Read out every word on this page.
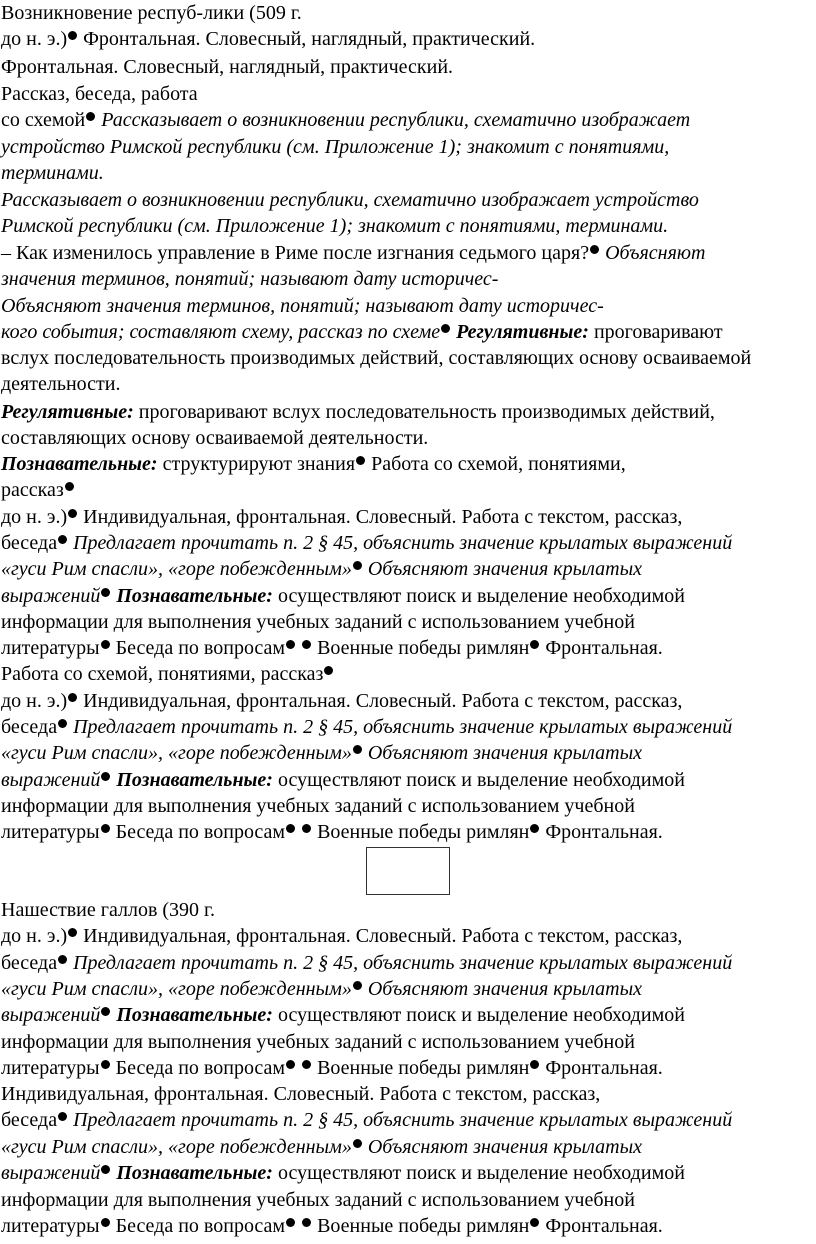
Возникновение респуб-лики (509 г.
до н. э.) Фронтальная. Словесный, наглядный, практический.
Фронтальная. Словесный, наглядный, практический.
Рассказ, беседа, работа
со схемой Рассказывает о возникновении республики, схематично изображает
устройство Римской республики (см. Приложение 1); знакомит с понятиями,
терминами.
Рассказывает о возникновении республики, схематично изображает устройство
Римской республики (см. Приложение 1); знакомит с понятиями, терминами.
– Как изменилось управление в Риме после изгнания седьмого царя? Объясняют
значения терминов, понятий; называют дату историчес-
Объясняют значения терминов, понятий; называют дату историчес-
кого события; составляют схему, рассказ по схеме Регулятивные: проговаривают
вслух последовательность производимых действий, составляющих основу осваиваемой
деятельности.
Регулятивные: проговаривают вслух последовательность производимых действий,
составляющих основу осваиваемой деятельности.
Познавательные: структурируют знания Работа со схемой, понятиями,
рассказ
до н. э.) Индивидуальная, фронтальная. Словесный. Работа с текстом, рассказ,
беседа Предлагает прочитать п. 2 § 45, объяснить значение крылатых выражений
«гуси Рим спасли», «горе побежденным» Объясняют значения крылатых
выражений Познавательные: осуществляют поиск и выделение необходимой
информации для выполнения учебных заданий с использованием учебной
литературы Беседа по вопросам  Военные победы римлян Фронтальная.
Работа со схемой, понятиями, рассказ
до н. э.) Индивидуальная, фронтальная. Словесный. Работа с текстом, рассказ,
беседа Предлагает прочитать п. 2 § 45, объяснить значение крылатых выражений
«гуси Рим спасли», «горе побежденным» Объясняют значения крылатых
выражений Познавательные: осуществляют поиск и выделение необходимой
информации для выполнения учебных заданий с использованием учебной
литературы Беседа по вопросам  Военные победы римлян Фронтальная.
Нашествие галлов (390 г.
до н. э.) Индивидуальная, фронтальная. Словесный. Работа с текстом, рассказ,
беседа Предлагает прочитать п. 2 § 45, объяснить значение крылатых выражений
«гуси Рим спасли», «горе побежденным» Объясняют значения крылатых
выражений Познавательные: осуществляют поиск и выделение необходимой
информации для выполнения учебных заданий с использованием учебной
литературы Беседа по вопросам  Военные победы римлян Фронтальная.
Индивидуальная, фронтальная. Словесный. Работа с текстом, рассказ,
беседа Предлагает прочитать п. 2 § 45, объяснить значение крылатых выражений
«гуси Рим спасли», «горе побежденным» Объясняют значения крылатых
выражений Познавательные: осуществляют поиск и выделение необходимой
информации для выполнения учебных заданий с использованием учебной
литературы Беседа по вопросам  Военные победы римлян Фронтальная.
